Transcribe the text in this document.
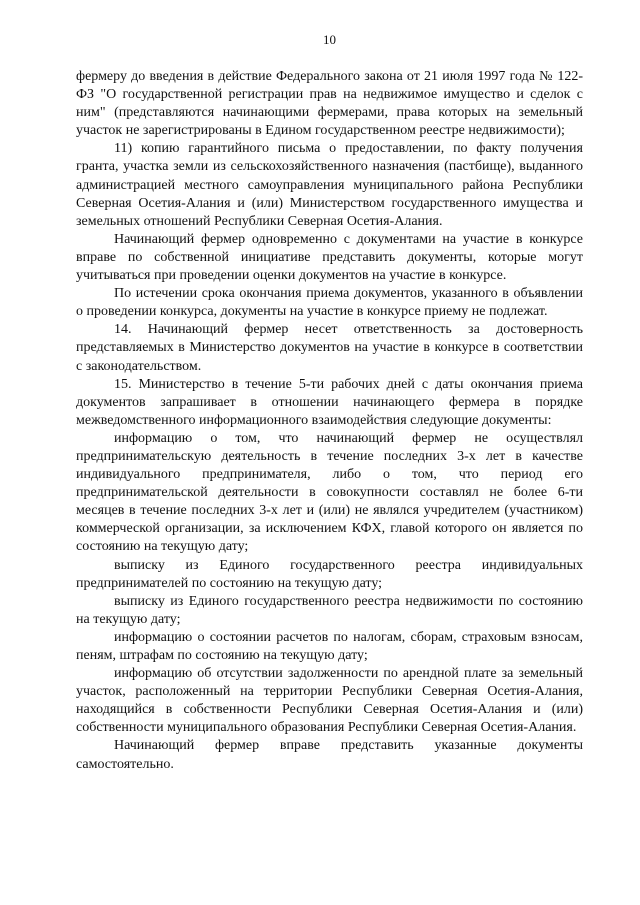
10

фермеру до введения в действие Федерального закона от 21 июля 1997 года № 122-ФЗ "О государственной регистрации прав на недвижимое имущество и сделок с ним" (представляются начинающими фермерами, права которых на земельный участок не зарегистрированы в Едином государственном реестре недвижимости);

11) копию гарантийного письма о предоставлении, по факту получения гранта, участка земли из сельскохозяйственного назначения (пастбище), выданного администрацией местного самоуправления муниципального района Республики Северная Осетия-Алания и (или) Министерством государственного имущества и земельных отношений Республики Северная Осетия-Алания.

Начинающий фермер одновременно с документами на участие в конкурсе вправе по собственной инициативе представить документы, которые могут учитываться при проведении оценки документов на участие в конкурсе.

По истечении срока окончания приема документов, указанного в объявлении о проведении конкурса, документы на участие в конкурсе приему не подлежат.

14. Начинающий фермер несет ответственность за достоверность представляемых в Министерство документов на участие в конкурсе в соответствии с законодательством.

15. Министерство в течение 5-ти рабочих дней с даты окончания приема документов запрашивает в отношении начинающего фермера в порядке межведомственного информационного взаимодействия следующие документы:

информацию о том, что начинающий фермер не осуществлял предпринимательскую деятельность в течение последних 3-х лет в качестве индивидуального предпринимателя, либо о том, что период его предпринимательской деятельности в совокупности составлял не более 6-ти месяцев в течение последних 3-х лет и (или) не являлся учредителем (участником) коммерческой организации, за исключением КФХ, главой которого он является по состоянию на текущую дату;

выписку из Единого государственного реестра индивидуальных предпринимателей по состоянию на текущую дату;

выписку из Единого государственного реестра недвижимости по состоянию на текущую дату;

информацию о состоянии расчетов по налогам, сборам, страховым взносам, пеням, штрафам по состоянию на текущую дату;

информацию об отсутствии задолженности по арендной плате за земельный участок, расположенный на территории Республики Северная Осетия-Алания, находящийся в собственности Республики Северная Осетия-Алания и (или) собственности муниципального образования Республики Северная Осетия-Алания.

Начинающий фермер вправе представить указанные документы самостоятельно.
